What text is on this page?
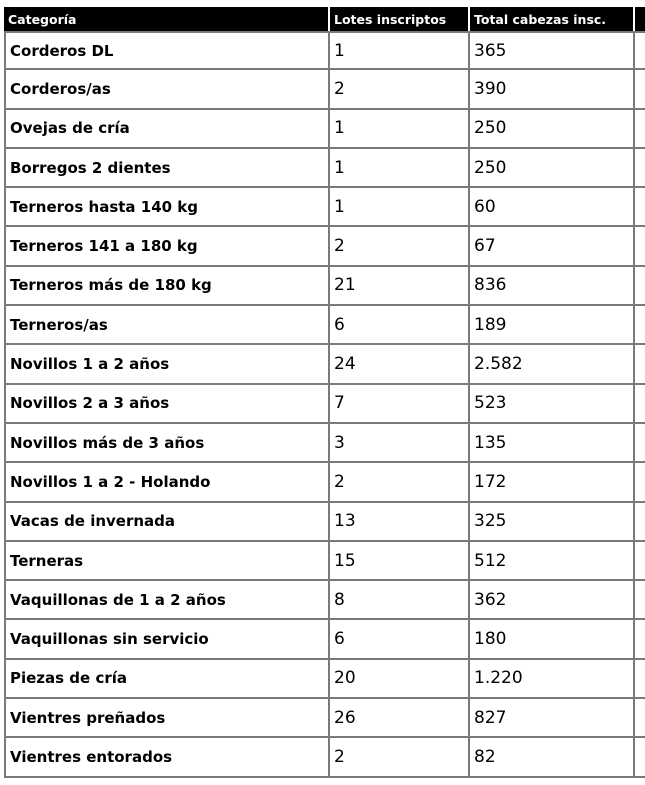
Categoría	Lotes inscriptos	Total cabezas insc.	
Corderos DL	1	365	
Corderos/as	2	390	
Ovejas de cría	1	250	
Borregos 2 dientes	1	250	
Terneros hasta 140 kg	1	60	
Terneros 141 a 180 kg	2	67	
Terneros más de 180 kg	21	836	
Terneros/as	6	189	
Novillos 1 a 2 años	24	2.582	
Novillos 2 a 3 años	7	523	
Novillos más de 3 años	3	135	
Novillos 1 a 2 - Holando	2	172	
Vacas de invernada	13	325	
Terneras	15	512	
Vaquillonas de 1 a 2 años	8	362	
Vaquillonas sin servicio	6	180	
Piezas de cría	20	1.220	
Vientres preñados	26	827	
Vientres entorados	2	82	
